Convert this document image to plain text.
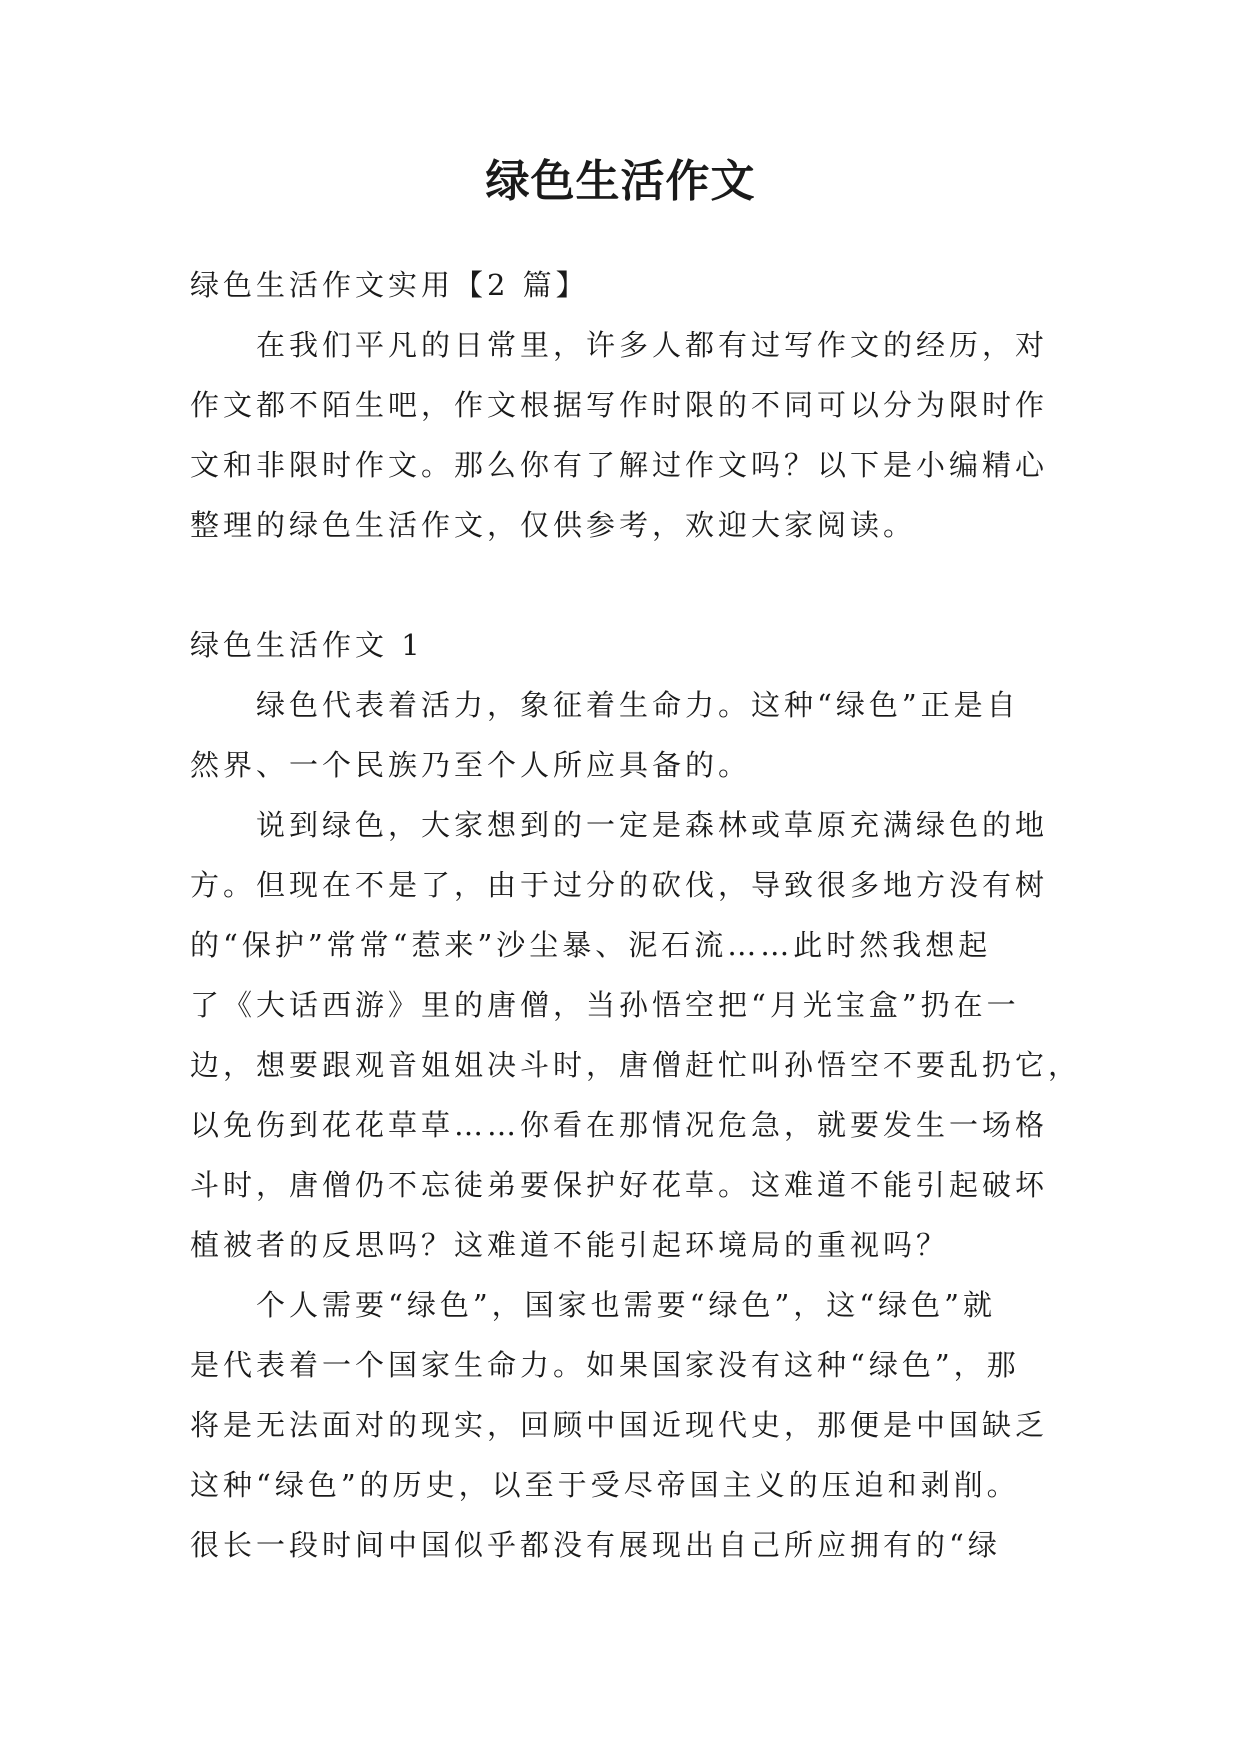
绿色生活作文
绿色生活作文实用【2 篇】
在我们平凡的日常里，许多人都有过写作文的经历，对
作文都不陌生吧，作文根据写作时限的不同可以分为限时作
文和非限时作文。那么你有了解过作文吗？以下是小编精心
整理的绿色生活作文，仅供参考，欢迎大家阅读。
绿色生活作文 1
绿色代表着活力，象征着生命力。这种“绿色”正是自
然界、一个民族乃至个人所应具备的。
说到绿色，大家想到的一定是森林或草原充满绿色的地
方。但现在不是了，由于过分的砍伐，导致很多地方没有树
的“保护”常常“惹来”沙尘暴、泥石流……此时然我想起
了《大话西游》里的唐僧，当孙悟空把“月光宝盒”扔在一
边，想要跟观音姐姐决斗时，唐僧赶忙叫孙悟空不要乱扔它，
以免伤到花花草草……你看在那情况危急，就要发生一场格
斗时，唐僧仍不忘徒弟要保护好花草。这难道不能引起破坏
植被者的反思吗？这难道不能引起环境局的重视吗？
个人需要“绿色”，国家也需要“绿色”，这“绿色”就
是代表着一个国家生命力。如果国家没有这种“绿色”，那
将是无法面对的现实，回顾中国近现代史，那便是中国缺乏
这种“绿色”的历史，以至于受尽帝国主义的压迫和剥削。
很长一段时间中国似乎都没有展现出自己所应拥有的“绿
